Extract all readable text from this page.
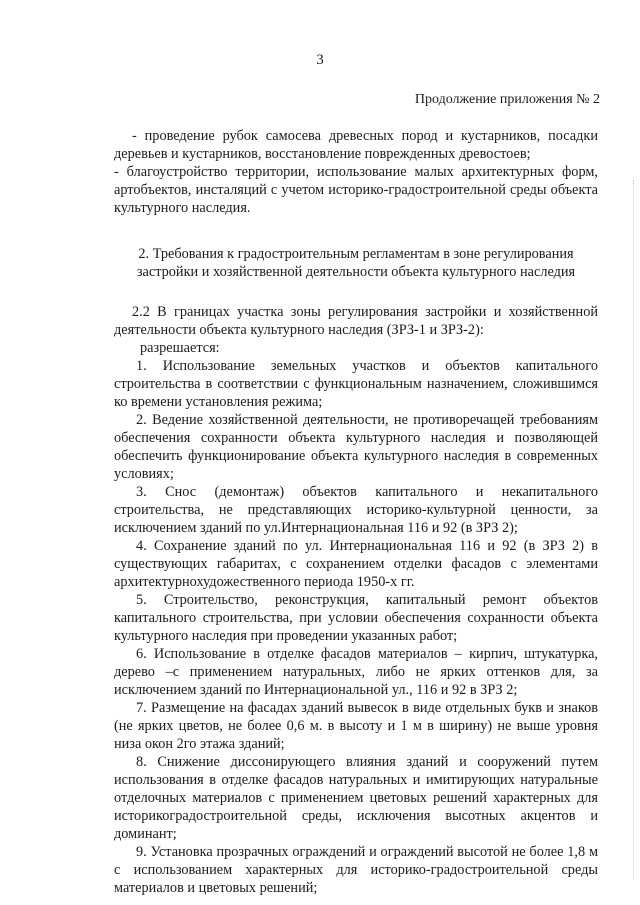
3
Продолжение приложения № 2

- проведение рубок самосева древесных пород и кустарников, посадки деревьев и кустарников, восстановление поврежденных древостоев;

- благоустройство территории, использование малых архитектурных форм, артобъектов, инсталяций с учетом историко-градостроительной среды объекта культурного наследия.

2. Требования к градостроительным регламентам в зоне регулирования застройки и хозяйственной деятельности объекта культурного наследия

2.2 В границах участка зоны регулирования застройки и хозяйственной деятельности объекта культурного наследия (ЗРЗ-1 и ЗРЗ-2):

разрешается:

1. Использование земельных участков и объектов капитального строительства в соответствии с функциональным назначением, сложившимся ко времени установления режима;

2. Ведение хозяйственной деятельности, не противоречащей требованиям обеспечения сохранности объекта культурного наследия и позволяющей обеспечить функционирование объекта культурного наследия в современных условиях;

3. Снос (демонтаж) объектов капитального и некапитального строительства, не представляющих историко-культурной ценности, за исключением зданий по ул.Интернациональная 116 и 92 (в ЗРЗ 2);

4. Сохранение зданий по ул. Интернациональная 116 и 92 (в ЗРЗ 2) в существующих габаритах, с сохранением отделки фасадов с элементами архитектурнохудожественного периода 1950-х гг.

5. Строительство, реконструкция, капитальный ремонт объектов капитального строительства, при условии обеспечения сохранности объекта культурного наследия при проведении указанных работ;

6. Использование в отделке фасадов материалов – кирпич, штукатурка, дерево –с применением натуральных, либо не ярких оттенков для, за исключением зданий по Интернациональной ул., 116 и 92 в ЗРЗ 2;

7. Размещение на фасадах зданий вывесок в виде отдельных букв и знаков (не ярких цветов, не более 0,6 м. в высоту и 1 м в ширину) не выше уровня низа окон 2го этажа зданий;

8. Снижение диссонирующего влияния зданий и сооружений путем использования в отделке фасадов натуральных и имитирующих натуральные отделочных материалов с применением цветовых решений характерных для историкоградостроительной среды, исключения высотных акцентов и доминант;

9. Установка прозрачных ограждений и ограждений высотой не более 1,8 м с использованием характерных для историко-градостроительной среды материалов и цветовых решений;
